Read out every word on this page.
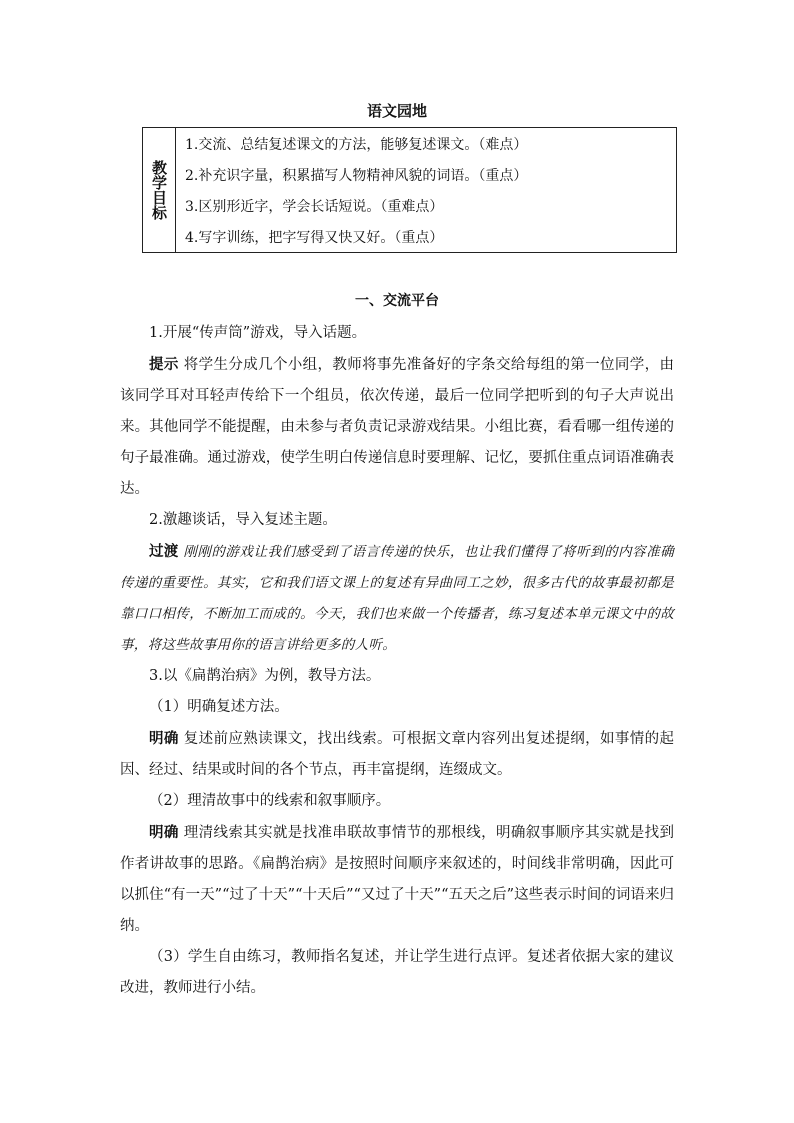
语文园地
教学目标
1.交流、总结复述课文的方法，能够复述课文。（难点）
2.补充识字量，积累描写人物精神风貌的词语。（重点）
3.区别形近字，学会长话短说。（重难点）
4.写字训练，把字写得又快又好。（重点）
一、交流平台

1.开展“传声筒”游戏，导入话题。

提示 将学生分成几个小组，教师将事先准备好的字条交给每组的第一位同学，由该同学耳对耳轻声传给下一个组员，依次传递，最后一位同学把听到的句子大声说出来。其他同学不能提醒，由未参与者负责记录游戏结果。小组比赛，看看哪一组传递的句子最准确。通过游戏，使学生明白传递信息时要理解、记忆，要抓住重点词语准确表达。

2.激趣谈话，导入复述主题。

过渡 刚刚的游戏让我们感受到了语言传递的快乐，也让我们懂得了将听到的内容准确传递的重要性。其实，它和我们语文课上的复述有异曲同工之妙，很多古代的故事最初都是靠口口相传，不断加工而成的。今天，我们也来做一个传播者，练习复述本单元课文中的故事，将这些故事用你的语言讲给更多的人听。

3.以《扁鹊治病》为例，教导方法。

（1）明确复述方法。

明确 复述前应熟读课文，找出线索。可根据文章内容列出复述提纲，如事情的起因、经过、结果或时间的各个节点，再丰富提纲，连缀成文。

（2）理清故事中的线索和叙事顺序。

明确 理清线索其实就是找准串联故事情节的那根线，明确叙事顺序其实就是找到作者讲故事的思路。《扁鹊治病》是按照时间顺序来叙述的，时间线非常明确，因此可以抓住“有一天”“过了十天”“十天后”“又过了十天”“五天之后”这些表示时间的词语来归纳。

（3）学生自由练习，教师指名复述，并让学生进行点评。复述者依据大家的建议改进，教师进行小结。
